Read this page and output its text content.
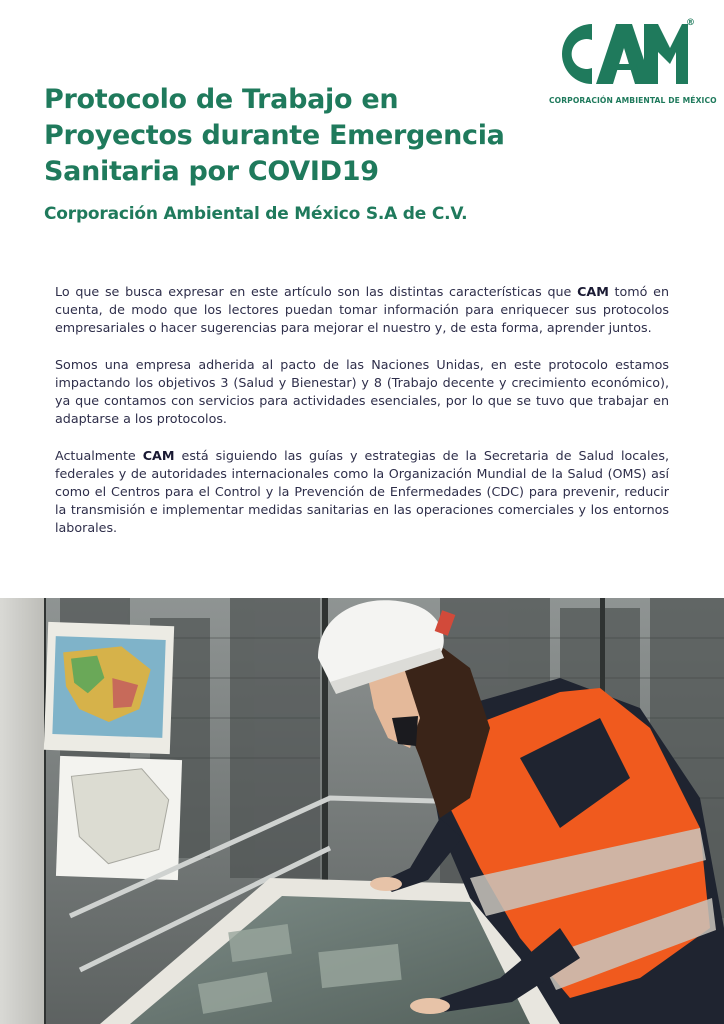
®
CORPORACIÓN AMBIENTAL DE MÉXICO
Protocolo de Trabajo en
Proyectos durante Emergencia
Sanitaria por COVID19
Corporación Ambiental de México S.A de C.V.

Lo que se busca expresar en este artículo son las distintas características que CAM tomó en cuenta, de modo que los lectores puedan tomar información para enriquecer sus protocolos empresariales o hacer sugerencias para mejorar el nuestro y, de esta forma, aprender juntos.

Somos una empresa adherida al pacto de las Naciones Unidas, en este protocolo estamos impactando los objetivos 3 (Salud y Bienestar) y 8 (Trabajo decente y crecimiento económico), ya que contamos con servicios para actividades esenciales, por lo que se tuvo que trabajar en adaptarse a los protocolos.

Actualmente CAM está siguiendo las guías y estrategias de la Secretaria de Salud locales, federales y de autoridades internacionales como la Organización Mundial de la Salud (OMS) así como el Centros para el Control y la Prevención de Enfermedades (CDC) para prevenir, reducir la transmisión e implementar medidas sanitarias en las operaciones comerciales y los entornos laborales.
